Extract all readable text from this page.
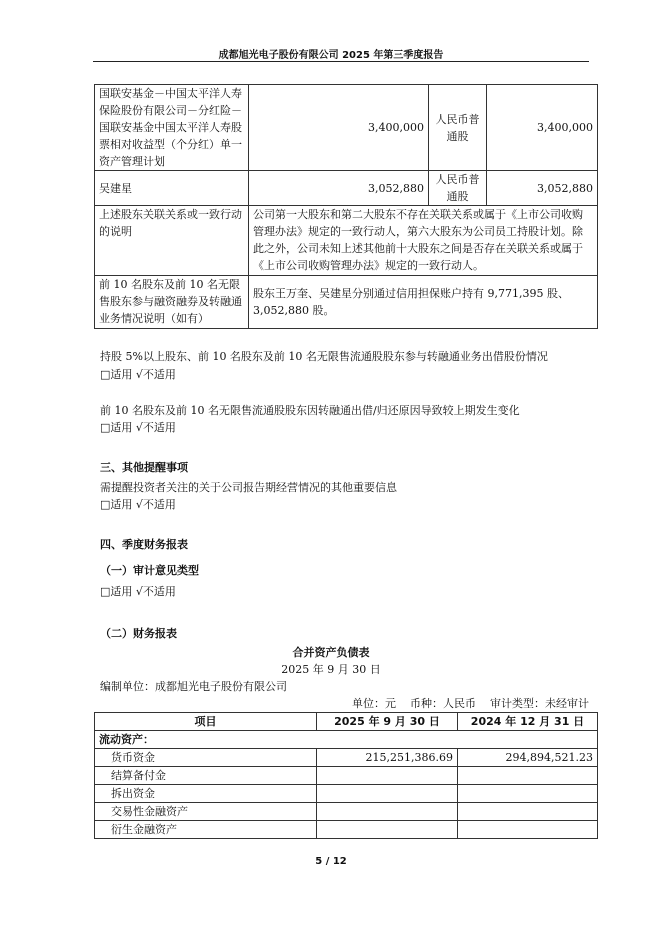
成都旭光电子股份有限公司 2025 年第三季度报告
国联安基金－中国太平洋人寿保险股份有限公司－分红险－国联安基金中国太平洋人寿股票相对收益型（个分红）单一资产管理计划	3,400,000	人民币普通股	3,400,000
吴建星	3,052,880	人民币普通股	3,052,880
上述股东关联关系或一致行动的说明	公司第一大股东和第二大股东不存在关联关系或属于《上市公司收购管理办法》规定的一致行动人，第六大股东为公司员工持股计划。除此之外，公司未知上述其他前十大股东之间是否存在关联关系或属于《上市公司收购管理办法》规定的一致行动人。		
前 10 名股东及前 10 名无限售股东参与融资融券及转融通业务情况说明（如有）	股东王万奎、吴建星分别通过信用担保账户持有 9,771,395 股、3,052,880 股。		
持股 5%以上股东、前 10 名股东及前 10 名无限售流通股股东参与转融通业务出借股份情况
□适用 √不适用
前 10 名股东及前 10 名无限售流通股股东因转融通出借/归还原因导致较上期发生变化
□适用 √不适用
三、其他提醒事项
需提醒投资者关注的关于公司报告期经营情况的其他重要信息
□适用 √不适用
四、季度财务报表
（一）审计意见类型
□适用 √不适用
（二）财务报表
合并资产负债表
2025 年 9 月 30 日
编制单位：成都旭光电子股份有限公司
单位：元    币种：人民币    审计类型：未经审计
项目	2025 年 9 月 30 日	2024 年 12 月 31 日
流动资产：		
货币资金	215,251,386.69	294,894,521.23
结算备付金		
拆出资金		
交易性金融资产		
衍生金融资产		
5 / 12
